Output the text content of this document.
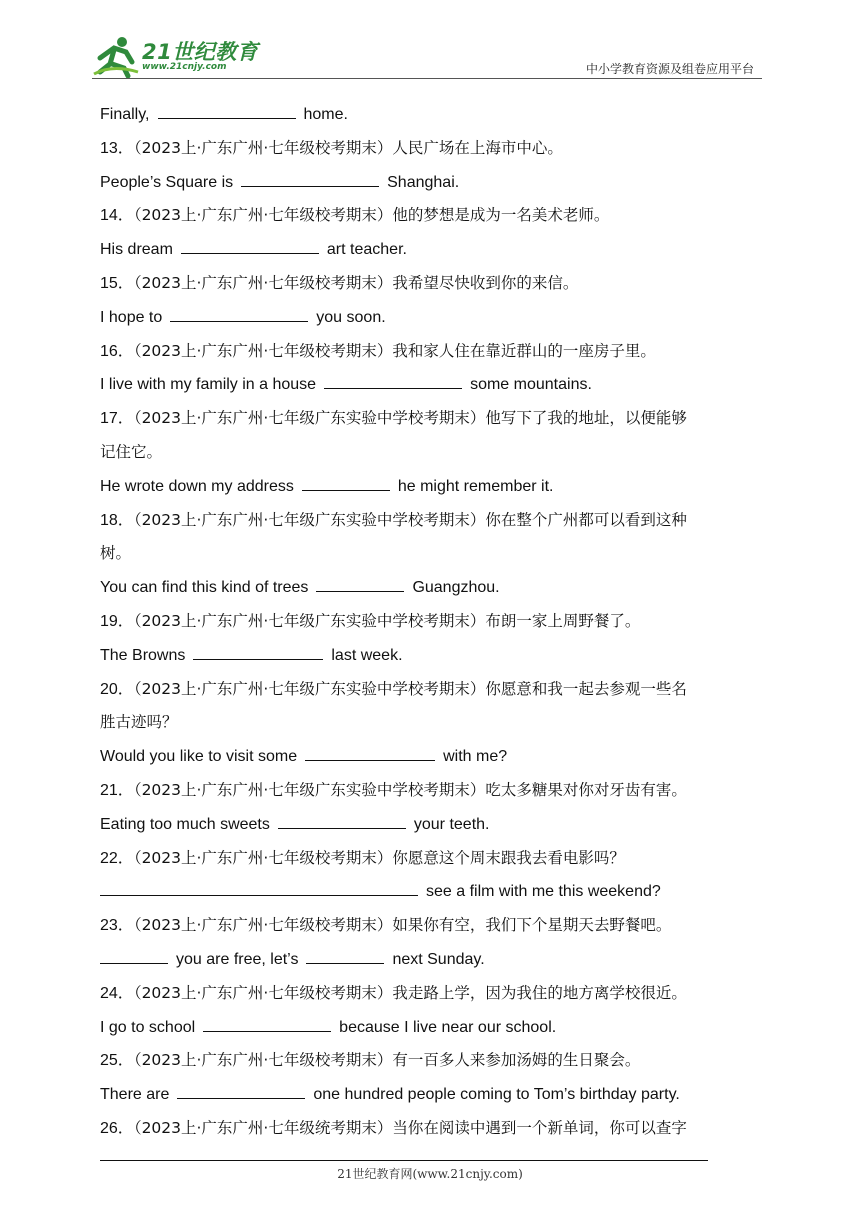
21世纪教育
www.21cnjy.com	中小学教育资源及组卷应用平台
Finally,	home.
13．（2023上·广东广州·七年级校考期末）人民广场在上海市中心。
People’s Square is	Shanghai.
14．（2023上·广东广州·七年级校考期末）他的梦想是成为一名美术老师。
His dream	art teacher.
15．（2023上·广东广州·七年级校考期末）我希望尽快收到你的来信。
I hope to	you soon.
16．（2023上·广东广州·七年级校考期末）我和家人住在靠近群山的一座房子里。
I live with my family in a house	some mountains.
17．（2023上·广东广州·七年级广东实验中学校考期末）他写下了我的地址，以便能够
记住它。
He wrote down my address	he might remember it.
18．（2023上·广东广州·七年级广东实验中学校考期末）你在整个广州都可以看到这种
树。
You can find this kind of trees	Guangzhou.
19．（2023上·广东广州·七年级广东实验中学校考期末）布朗一家上周野餐了。
The Browns	last week.
20．（2023上·广东广州·七年级广东实验中学校考期末）你愿意和我一起去参观一些名
胜古迹吗？
Would you like to visit some	with me?
21．（2023上·广东广州·七年级广东实验中学校考期末）吃太多糖果对你对牙齿有害。
Eating too much sweets	your teeth.
22．（2023上·广东广州·七年级校考期末）你愿意这个周末跟我去看电影吗？
see a film with me this weekend?
23．（2023上·广东广州·七年级校考期末）如果你有空，我们下个星期天去野餐吧。
you are free, let’s	next Sunday.
24．（2023上·广东广州·七年级校考期末）我走路上学，因为我住的地方离学校很近。
I go to school	because I live near our school.
25．（2023上·广东广州·七年级校考期末）有一百多人来参加汤姆的生日聚会。
There are	one hundred people coming to Tom’s birthday party.
26．（2023上·广东广州·七年级统考期末）当你在阅读中遇到一个新单词，你可以查字
21世纪教育网(www.21cnjy.com)
